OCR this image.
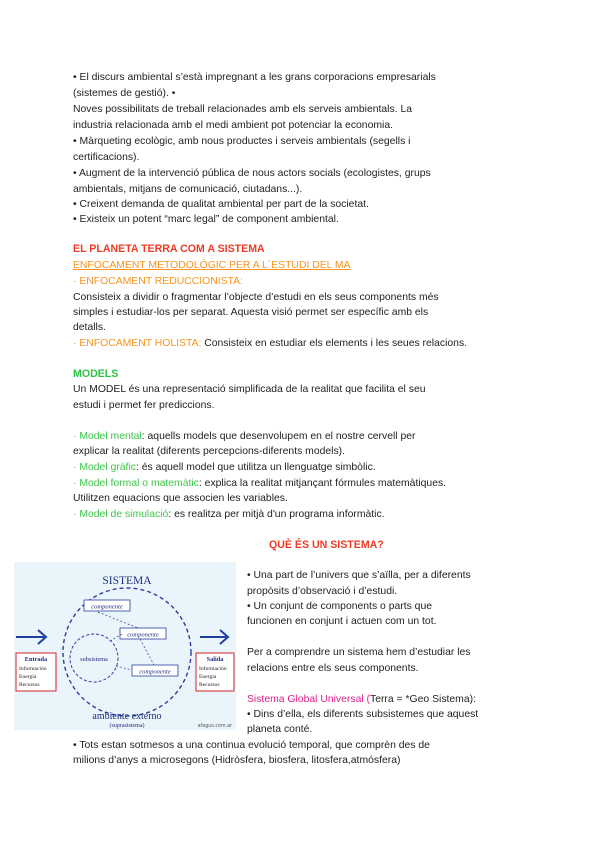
• El discurs ambiental s’està impregnant a les grans corporacions empresarials

(sistemes de gestió). •

Noves possibilitats de treball relacionades amb els serveis ambientals. La

industria relacionada amb el medi ambient pot potenciar la economia.

• Màrqueting ecològic, amb nous productes i serveis ambientals (segells i

certificacions).

• Augment de la intervenció pública de nous actors socials (ecologistes, grups

ambientals, mitjans de comunicació, ciutadans...).

• Creixent demanda de qualitat ambiental per part de la societat.

• Existeix un potent “marc legal” de component ambiental.

EL PLANETA TERRA COM A SISTEMA

ENFOCAMENT METODOLÒGIC PER A L´ESTUDI DEL MA

· ENFOCAMENT REDUCCIONISTA:

Consisteix a dividir o fragmentar l’objecte d’estudi en els seus components més

simples i estudiar-los per separat. Aquesta visió permet ser específic amb els

detalls.

· ENFOCAMENT HOLISTA: Consisteix en estudiar els elements i les seues relacions.

MODELS

Un MODEL és una representació simplificada de la realitat que facilita el seu

estudi i permet fer prediccions.

· Model mental: aquells models que desenvolupem en el nostre cervell per

explicar la realitat (diferents percepcions-diferents models).

· Model gràfic: és aquell model que utilitza un llenguatge simbòlic.

· Model formal o matemàtic: explica la realitat mitjançant fórmules matemàtiques.

Utilitzen equacions que associen les variables.

· Model de simulació: es realitza per mitjà d'un programa informàtic.

QUÈ ÉS UN SISTEMA?

SISTEMA
componente
componente
componente
subsistema
Entrada
Información
Energía
Recursos
Salida
Información
Energía
Recursos
ambiente externo
(suprasistema)	afagus.com.ar

• Una part de l’univers que s’aïlla, per a diferents

propòsits d’observació i d’estudi.

• Un conjunt de components o parts que

funcionen en conjunt i actuen com un tot.

Per a comprendre un sistema hem d’estudiar les

relacions entre els seus components.

Sistema Global Universal (Terra = *Geo Sistema):

• Dins d’ella, els diferents subsistemes que aquest

planeta conté.

• Tots estan sotmesos a una continua evolució temporal, que comprèn des de

milions d’anys a microsegons (Hidròsfera, biosfera, litosfera,atmósfera)
